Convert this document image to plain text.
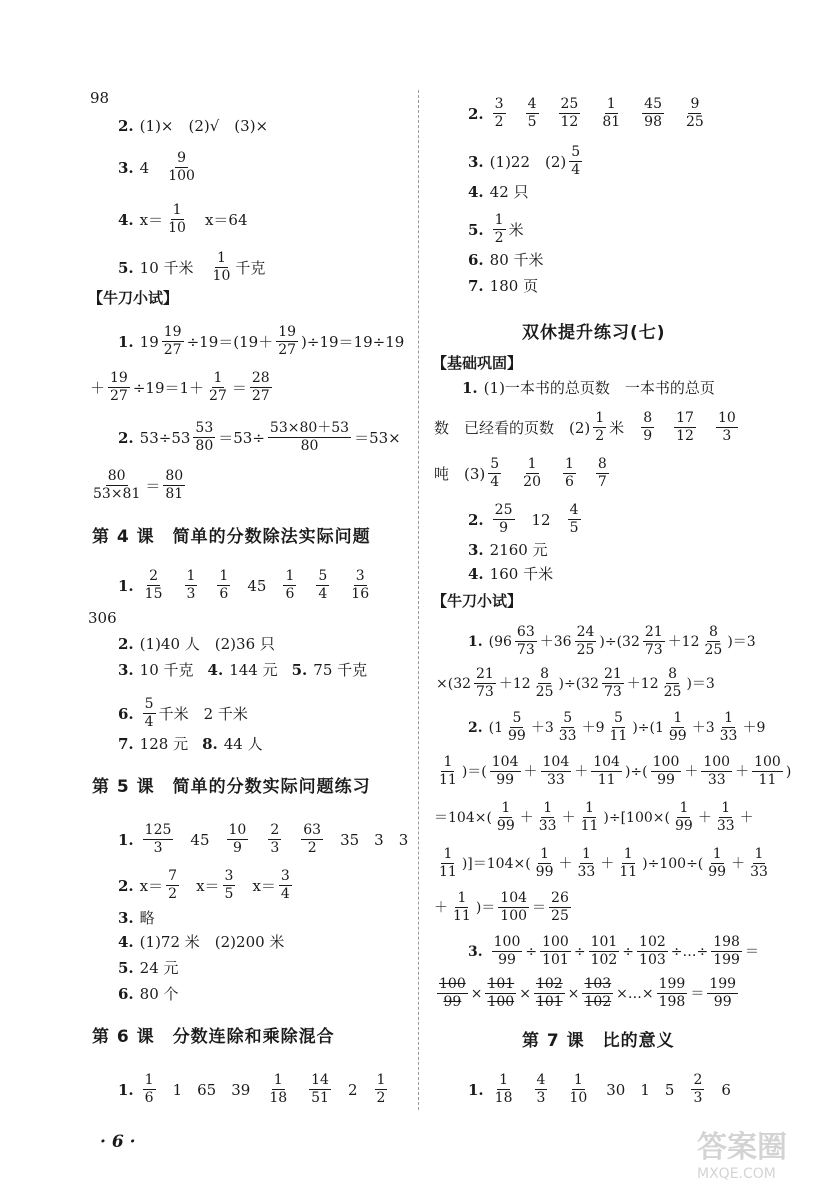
98
2. (1)×　(2)√　(3)×
3. $4 \frac{9}{100}$
4. $x= \frac{1}{10} x=64$
5. 10 千米 $\frac{1}{10}$ 千克
【牛刀小试】
1. $19 \frac{19}{27} \div 19=(19+ \frac{19}{27} )\div 19=19\div 19$
＋ $\frac{19}{27} \div 19=1+ \frac{1}{27} = \frac{28}{27}$
2. $53\div 53 \frac{53}{80} =53\div \frac{53\times 80+53}{80} =53\times$
$\frac{80}{53\times 81} = \frac{80}{81}$
第 4 课　简单的分数除法实际问题
1. $\frac{2}{15} \frac{1}{3} \frac{1}{6} 45 \frac{1}{6} \frac{5}{4} \frac{3}{16}$
306
2. (1)40 人　(2)36 只
3. 10 千克 4. 144 元 5. 75 千克
6. $\frac{5}{4}$ 千米　2 千米
7. 128 元 8. 44 人
第 5 课　简单的分数实际问题练习
1. $\frac{125}{3} 45 \frac{10}{9} \frac{2}{3} \frac{63}{2} 35$　3　3
2. $x= \frac{7}{2} x= \frac{3}{5} x= \frac{3}{4}$
3. 略
4. (1)72 米　(2)200 米
5. 24 元
6. 80 个
第 6 课　分数连除和乘除混合
1. $\frac{1}{6} 1$　65　$39 \frac{1}{18} \frac{14}{51} 2 \frac{1}{2}$
· 6 ·
2. $\frac{3}{2} \frac{4}{5} \frac{25}{12} \frac{1}{81} \frac{45}{98} \frac{9}{25}$
3. (1)22　$(2) \frac{5}{4}$
4. 42 只
5. $\frac{1}{2}$ 米
6. 80 千米
7. 180 页
双休提升练习(七)
【基础巩固】
1. (1)一本书的总页数　一本书的总页
数　已经看的页数　$(2) \frac{1}{2}$ 米 $\frac{8}{9} \frac{17}{12} \frac{10}{3}$
吨　$(3) \frac{5}{4} \frac{1}{20} \frac{1}{6} \frac{8}{7}$
2. $\frac{25}{9} 12 \frac{4}{5}$
3. 2160 元
4. 160 千米
【牛刀小试】
1. $(96 \frac{63}{73} +36 \frac{24}{25} )\div(32 \frac{21}{73} +12 \frac{8}{25} )=3$
$\times(32 \frac{21}{73} +12 \frac{8}{25} )\div(32 \frac{21}{73} +12 \frac{8}{25} )=3$
2. $(1 \frac{5}{99} +3 \frac{5}{33} +9 \frac{5}{11} )\div(1 \frac{1}{99} +3 \frac{1}{33} +9$
$\frac{1}{11}$ )＝( $\frac{104}{99} + \frac{104}{33} + \frac{104}{11}$ )÷( $\frac{100}{99} + \frac{100}{33} + \frac{100}{11}$ )
$=104\times( \frac{1}{99} + \frac{1}{33} + \frac{1}{11} )\div[100\times( \frac{1}{99} + \frac{1}{33}$ ＋
$\frac{1}{11} )]=104\times( \frac{1}{99} + \frac{1}{33} + \frac{1}{11} )\div 100\div( \frac{1}{99} + \frac{1}{33}$
＋ $\frac{1}{11}$ )＝ $\frac{104}{100} = \frac{26}{25}$
3. $\frac{100}{99} \div \frac{100}{101} \div \frac{101}{102} \div \frac{102}{103}$ ÷…÷ $\frac{198}{199}$ ＝
$\frac{100}{99} \times \frac{101}{100} \times \frac{102}{101} \times \frac{103}{102}$ ×…× $\frac{199}{198} = \frac{199}{99}$
第 7 课　比的意义
1. $\frac{1}{18} \frac{4}{3} \frac{1}{10} 30$　1　$5 \frac{2}{3} 6$
答案圈
MXQE.COM
